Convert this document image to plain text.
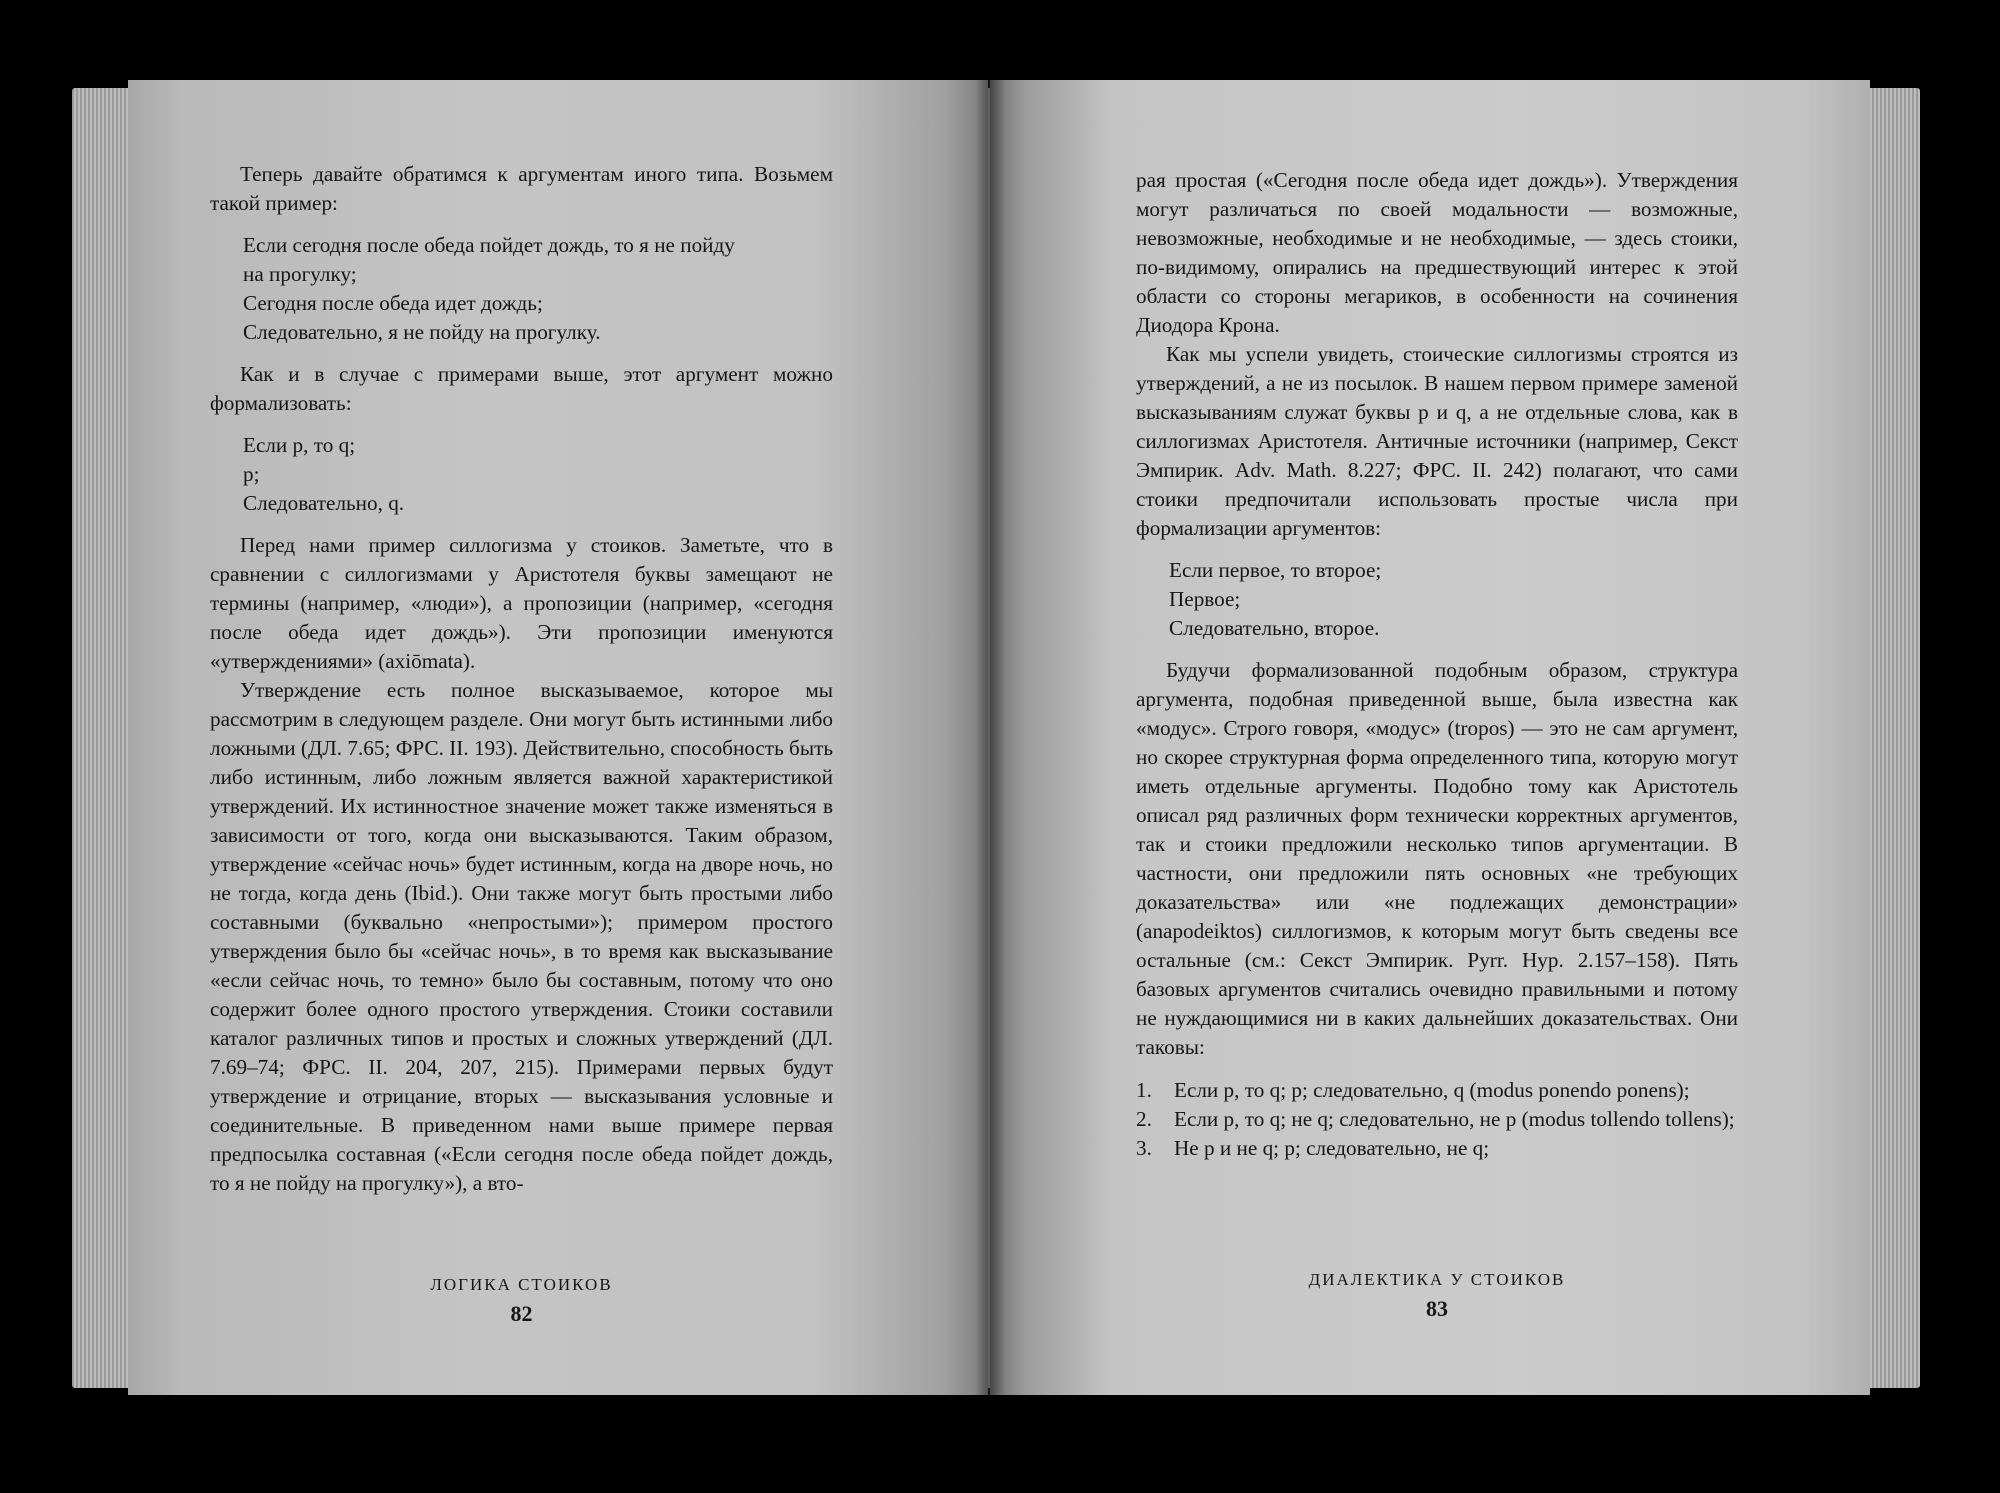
Теперь давайте обратимся к аргументам иного типа. Возьмем такой пример:

Если сегодня после обеда пойдет дождь, то я не пойду
на прогулку;
Сегодня после обеда идет дождь;
Следовательно, я не пойду на прогулку.

Как и в случае с примерами выше, этот аргумент можно формализовать:

Если p, то q;
p;
Следовательно, q.

Перед нами пример силлогизма у стоиков. Заметьте, что в сравнении с силлогизмами у Аристотеля буквы замещают не термины (например, «люди»), а пропозиции (например, «сегодня после обеда идет дождь»). Эти пропозиции именуются «утверждениями» (axiōmata).

Утверждение есть полное высказываемое, которое мы рассмотрим в следующем разделе. Они могут быть истинными либо ложными (ДЛ. 7.65; ФРС. II. 193). Действительно, способность быть либо истинным, либо ложным является важной характеристикой утверждений. Их истинностное значение может также изменяться в зависимости от того, когда они высказываются. Таким образом, утверждение «сейчас ночь» будет истинным, когда на дворе ночь, но не тогда, когда день (Ibid.). Они также могут быть простыми либо составными (буквально «непростыми»); примером простого утверждения было бы «сейчас ночь», в то время как высказывание «если сейчас ночь, то темно» было бы составным, потому что оно содержит более одного простого утверждения. Стоики составили каталог различных типов и простых и сложных утверждений (ДЛ. 7.69–74; ФРС. II. 204, 207, 215). Примерами первых будут утверждение и отрицание, вторых — высказывания условные и соединительные. В приведенном нами выше примере первая предпосылка составная («Если сегодня после обеда пойдет дождь, то я не пойду на прогулку»), а вто-

ЛОГИКА СТОИКОВ
82

рая простая («Сегодня после обеда идет дождь»). Утверждения могут различаться по своей модальности — возможные, невозможные, необходимые и не необходимые, — здесь стоики, по-видимому, опирались на предшествующий интерес к этой области со стороны мегариков, в особенности на сочинения Диодора Крона.

Как мы успели увидеть, стоические силлогизмы строятся из утверждений, а не из посылок. В нашем первом примере заменой высказываниям служат буквы p и q, а не отдельные слова, как в силлогизмах Аристотеля. Античные источники (например, Секст Эмпирик. Adv. Math. 8.227; ФРС. II. 242) полагают, что сами стоики предпочитали использовать простые числа при формализации аргументов:

Если первое, то второе;
Первое;
Следовательно, второе.

Будучи формализованной подобным образом, структура аргумента, подобная приведенной выше, была известна как «модус». Строго говоря, «модус» (tropos) — это не сам аргумент, но скорее структурная форма определенного типа, которую могут иметь отдельные аргументы. Подобно тому как Аристотель описал ряд различных форм технически корректных аргументов, так и стоики предложили несколько типов аргументации. В частности, они предложили пять основных «не требующих доказательства» или «не подлежащих демонстрации» (anapodeiktos) силлогизмов, к которым могут быть сведены все остальные (см.: Секст Эмпирик. Pyrr. Hyp. 2.157–158). Пять базовых аргументов считались очевидно правильными и потому не нуждающимися ни в каких дальнейших доказательствах. Они таковы:

1. Если p, то q; p; следовательно, q (modus ponendo ponens);
2. Если p, то q; не q; следовательно, не p (modus tollendo tollens);
3. Не p и не q; p; следовательно, не q;
ДИАЛЕКТИКА У СТОИКОВ
83
